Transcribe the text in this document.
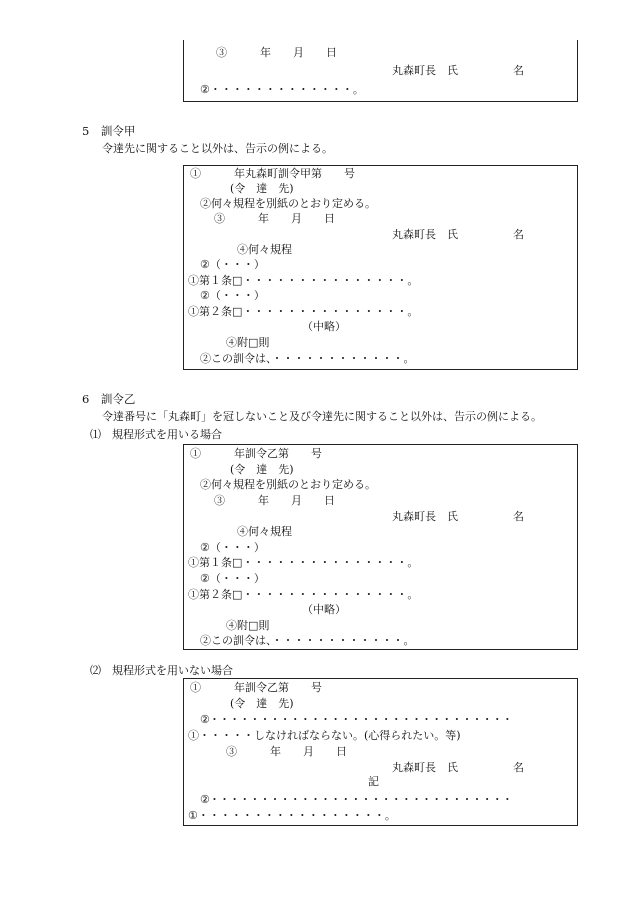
③　　　年　　月　　日
丸森町長　氏　　　　　名
②・・・・・・・・・・・・・。
5　訓令甲
令達先に関すること以外は、告示の例による。
①　　　年丸森町訓令甲第　　号
(令　達　先)
②何々規程を別紙のとおり定める。
③　　　年　　月　　日
丸森町長　氏　　　　　名
④何々規程
②（・・・）
①第１条□・・・・・・・・・・・・・・・。
②（・・・）
①第２条□・・・・・・・・・・・・・・・。
（中略）
④附□則
②この訓令は、・・・・・・・・・・・・。
6　訓令乙
令達番号に「丸森町」を冠しないこと及び令達先に関すること以外は、告示の例による。
⑴　規程形式を用いる場合
①　　　年訓令乙第　　号
(令　達　先)
②何々規程を別紙のとおり定める。
③　　　年　　月　　日
丸森町長　氏　　　　　名
④何々規程
②（・・・）
①第１条□・・・・・・・・・・・・・・・。
②（・・・）
①第２条□・・・・・・・・・・・・・・・。
（中略）
④附□則
②この訓令は、・・・・・・・・・・・・。
⑵　規程形式を用いない場合
①　　　年訓令乙第　　号
(令　達　先)
②・・・・・・・・・・・・・・・・・・・・・・・・・・・・・・
①・・・・・しなければならない。(心得られたい。等)
③　　　年　　月　　日
丸森町長　氏　　　　　名
記
②・・・・・・・・・・・・・・・・・・・・・・・・・・・・・・
①・・・・・・・・・・・・・・・・・。
